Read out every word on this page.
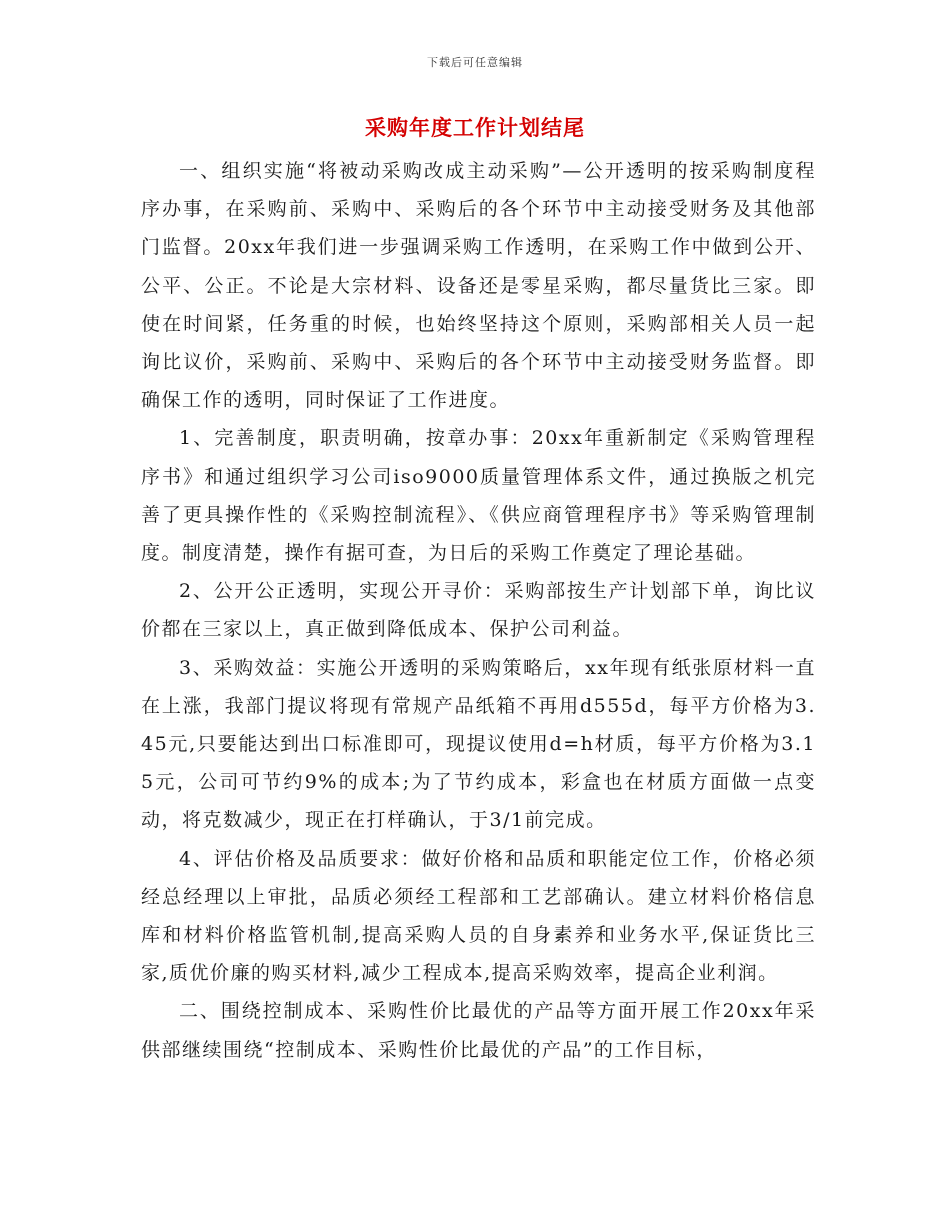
下载后可任意编辑
采购年度工作计划结尾

一、组织实施“将被动采购改成主动采购”—公开透明的按采购制度程序办事，在采购前、采购中、采购后的各个环节中主动接受财务及其他部门监督。20xx年我们进一步强调采购工作透明，在采购工作中做到公开、公平、公正。不论是大宗材料、设备还是零星采购，都尽量货比三家。即使在时间紧，任务重的时候，也始终坚持这个原则，采购部相关人员一起询比议价，采购前、采购中、采购后的各个环节中主动接受财务监督。即确保工作的透明，同时保证了工作进度。

1、完善制度，职责明确，按章办事：20xx年重新制定《采购管理程序书》和通过组织学习公司iso9000质量管理体系文件，通过换版之机完善了更具操作性的《采购控制流程》、《供应商管理程序书》等采购管理制度。制度清楚，操作有据可查，为日后的采购工作奠定了理论基础。

2、公开公正透明，实现公开寻价：采购部按生产计划部下单，询比议价都在三家以上，真正做到降低成本、保护公司利益。

3、采购效益：实施公开透明的采购策略后，xx年现有纸张原材料一直在上涨，我部门提议将现有常规产品纸箱不再用d555d，每平方价格为3.45元,只要能达到出口标准即可，现提议使用d=h材质，每平方价格为3.15元，公司可节约9%的成本;为了节约成本，彩盒也在材质方面做一点变动，将克数减少，现正在打样确认，于3/1前完成。

4、评估价格及品质要求：做好价格和品质和职能定位工作，价格必须经总经理以上审批，品质必须经工程部和工艺部确认。建立材料价格信息库和材料价格监管机制,提高采购人员的自身素养和业务水平,保证货比三家,质优价廉的购买材料,减少工程成本,提高采购效率，提高企业利润。

二、围绕控制成本、采购性价比最优的产品等方面开展工作20xx年采供部继续围绕“控制成本、采购性价比最优的产品”的工作目标，
